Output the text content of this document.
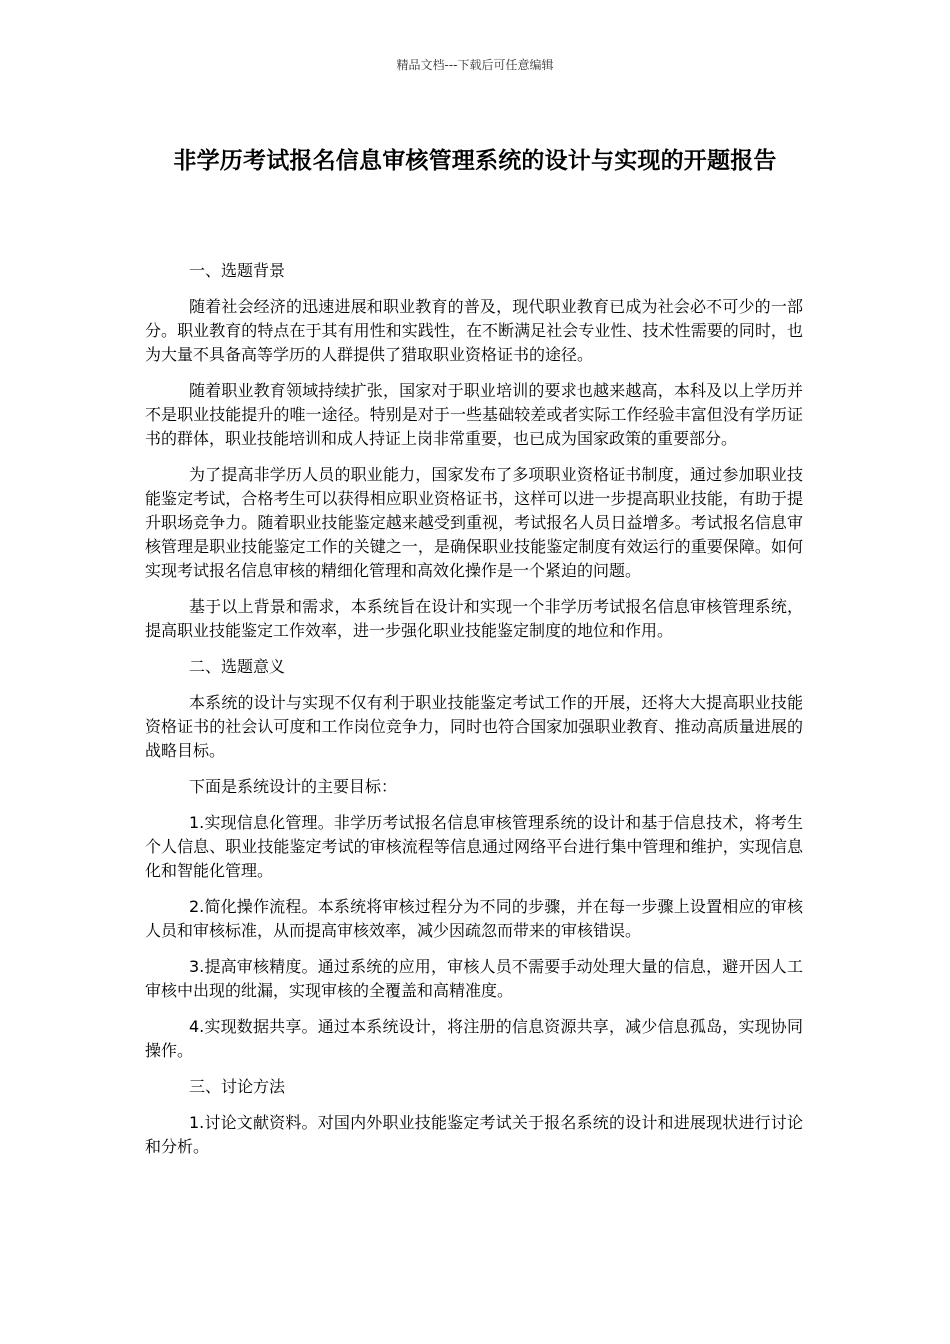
精品文档---下载后可任意编辑
非学历考试报名信息审核管理系统的设计与实现的开题报告

一、选题背景

随着社会经济的迅速进展和职业教育的普及，现代职业教育已成为社会必不可少的一部分。职业教育的特点在于其有用性和实践性，在不断满足社会专业性、技术性需要的同时，也为大量不具备高等学历的人群提供了猎取职业资格证书的途径。

随着职业教育领域持续扩张，国家对于职业培训的要求也越来越高，本科及以上学历并不是职业技能提升的唯一途径。特别是对于一些基础较差或者实际工作经验丰富但没有学历证书的群体，职业技能培训和成人持证上岗非常重要，也已成为国家政策的重要部分。

为了提高非学历人员的职业能力，国家发布了多项职业资格证书制度，通过参加职业技能鉴定考试，合格考生可以获得相应职业资格证书，这样可以进一步提高职业技能，有助于提升职场竞争力。随着职业技能鉴定越来越受到重视，考试报名人员日益增多。考试报名信息审核管理是职业技能鉴定工作的关键之一，是确保职业技能鉴定制度有效运行的重要保障。如何实现考试报名信息审核的精细化管理和高效化操作是一个紧迫的问题。

基于以上背景和需求，本系统旨在设计和实现一个非学历考试报名信息审核管理系统，提高职业技能鉴定工作效率，进一步强化职业技能鉴定制度的地位和作用。

二、选题意义

本系统的设计与实现不仅有利于职业技能鉴定考试工作的开展，还将大大提高职业技能资格证书的社会认可度和工作岗位竞争力，同时也符合国家加强职业教育、推动高质量进展的战略目标。

下面是系统设计的主要目标：

1.实现信息化管理。非学历考试报名信息审核管理系统的设计和基于信息技术，将考生个人信息、职业技能鉴定考试的审核流程等信息通过网络平台进行集中管理和维护，实现信息化和智能化管理。

2.简化操作流程。本系统将审核过程分为不同的步骤，并在每一步骤上设置相应的审核人员和审核标准，从而提高审核效率，减少因疏忽而带来的审核错误。

3.提高审核精度。通过系统的应用，审核人员不需要手动处理大量的信息，避开因人工审核中出现的纰漏，实现审核的全覆盖和高精准度。

4.实现数据共享。通过本系统设计，将注册的信息资源共享，减少信息孤岛，实现协同操作。

三、讨论方法

1.讨论文献资料。对国内外职业技能鉴定考试关于报名系统的设计和进展现状进行讨论和分析。
